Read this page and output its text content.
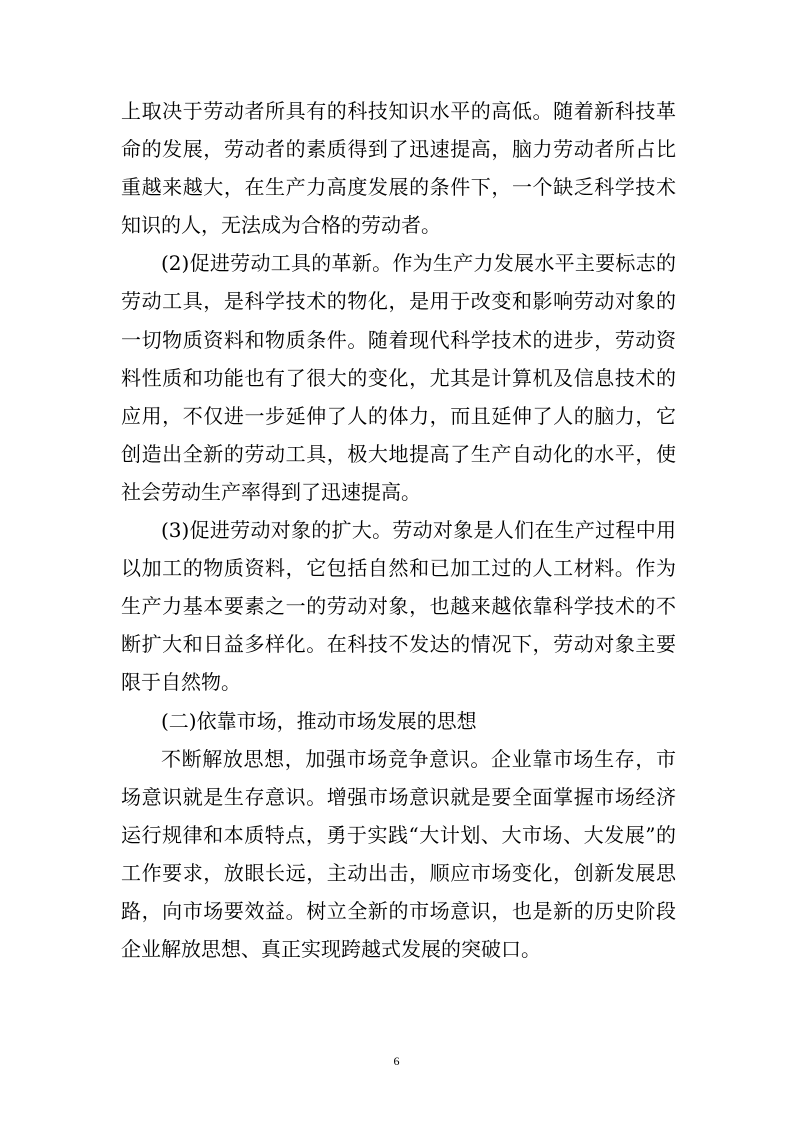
上取决于劳动者所具有的科技知识水平的高低。随着新科技革命的发展，劳动者的素质得到了迅速提高，脑力劳动者所占比重越来越大，在生产力高度发展的条件下，一个缺乏科学技术知识的人，无法成为合格的劳动者。

(2)促进劳动工具的革新。作为生产力发展水平主要标志的劳动工具，是科学技术的物化，是用于改变和影响劳动对象的一切物质资料和物质条件。随着现代科学技术的进步，劳动资料性质和功能也有了很大的变化，尤其是计算机及信息技术的应用，不仅进一步延伸了人的体力，而且延伸了人的脑力，它创造出全新的劳动工具，极大地提高了生产自动化的水平，使社会劳动生产率得到了迅速提高。

(3)促进劳动对象的扩大。劳动对象是人们在生产过程中用以加工的物质资料，它包括自然和已加工过的人工材料。作为生产力基本要素之一的劳动对象，也越来越依靠科学技术的不断扩大和日益多样化。在科技不发达的情况下，劳动对象主要限于自然物。

(二)依靠市场，推动市场发展的思想

不断解放思想，加强市场竞争意识。企业靠市场生存，市场意识就是生存意识。增强市场意识就是要全面掌握市场经济运行规律和本质特点，勇于实践“大计划、大市场、大发展”的工作要求，放眼长远，主动出击，顺应市场变化，创新发展思路，向市场要效益。树立全新的市场意识，也是新的历史阶段企业解放思想、真正实现跨越式发展的突破口。

6
